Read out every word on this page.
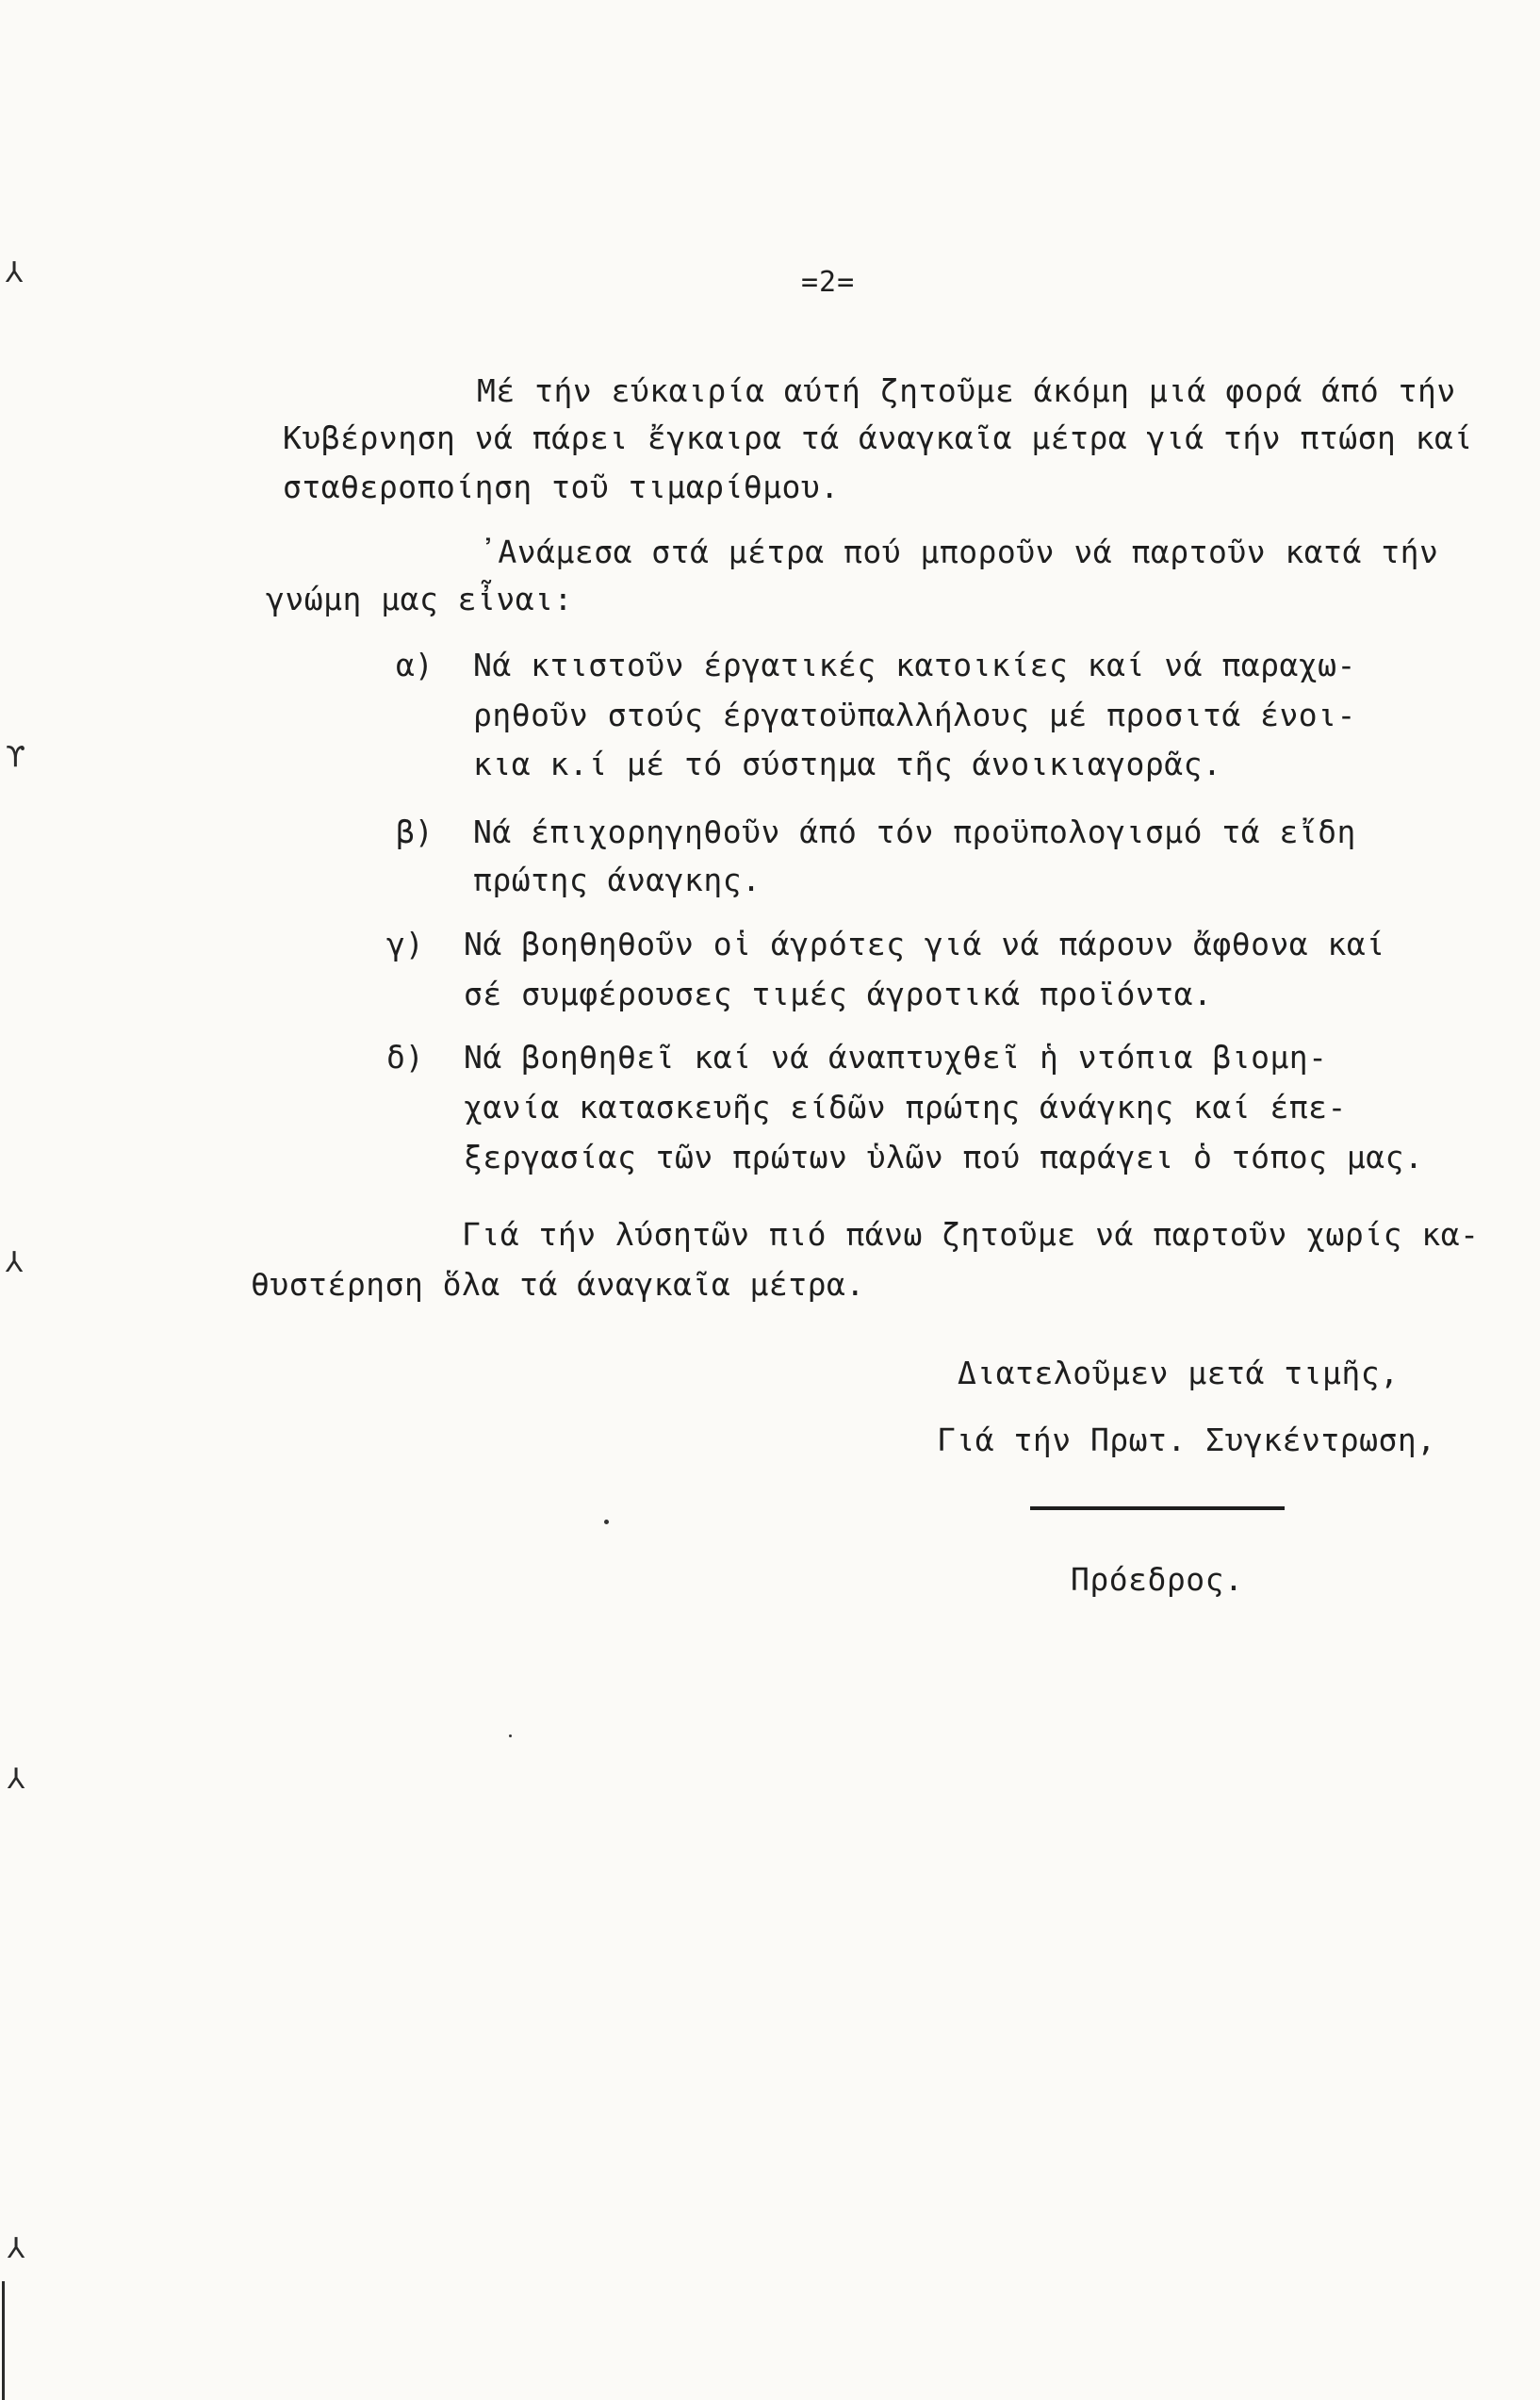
=2=
Μέ τήν εύκαιρία αύτή ζητοῦμε άκόμη μιά φορά άπό τήν
Κυβέρνηση νά πάρει ἔγκαιρα τά άναγκαῖα μέτρα γιά τήν πτώση καί
σταθεροποίηση τοῦ τιμαρίθμου.
᾿Ανάμεσα στά μέτρα πού μποροῦν νά παρτοῦν κατά τήν
γνώμη μας εἶναι:
α) Νά κτιστοῦν έργατικές κατοικίες καί νά παραχω-
ρηθοῦν στούς έργατοϋπαλλήλους μέ προσιτά ένοι-
κια κ.ί μέ τό σύστημα τῆς άνοικιαγορᾶς.
β) Νά έπιχορηγηθοῦν άπό τόν προϋπολογισμό τά εἴδη
πρώτης άναγκης.
γ) Νά βοηθηθοῦν οἱ άγρότες γιά νά πάρουν ἄφθονα καί
σέ συμφέρουσες τιμές άγροτικά προϊόντα.
δ) Νά βοηθηθεῖ καί νά άναπτυχθεῖ ἡ ντόπια βιομη-
χανία κατασκευῆς είδῶν πρώτης άνάγκης καί έπε-
ξεργασίας τῶν πρώτων ὑλῶν πού παράγει ὁ τόπος μας.
Γιά τήν λύσητῶν πιό πάνω ζητοῦμε νά παρτοῦν χωρίς κα-
θυστέρηση ὅλα τά άναγκαῖα μέτρα.
Διατελοῦμεν μετά τιμῆς,
Γιά τήν Πρωτ. Συγκέντρωση,
Πρόεδρος.
⅄
ϒ
⅄
⅄
⅄
